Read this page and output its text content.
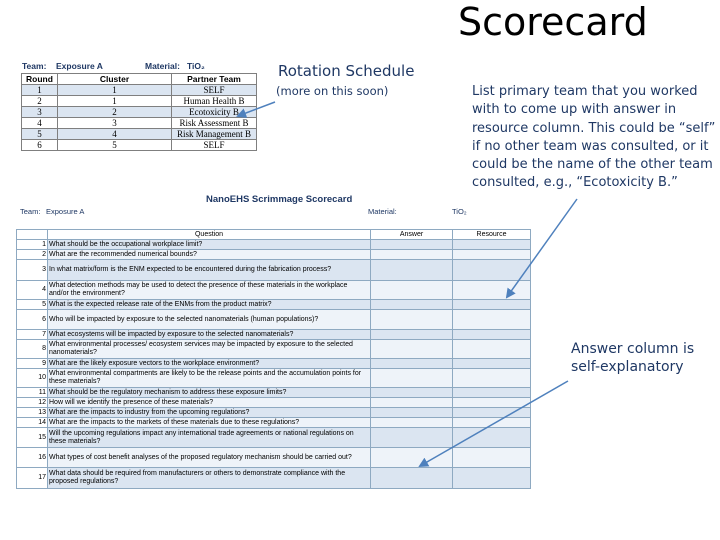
Scorecard
Team: Exposure A	Material: TiO₂
Round	Cluster	Partner Team
1	1	SELF
2	1	Human Health B
3	2	Ecotoxicity B
4	3	Risk Assessment B
5	4	Risk Management B
6	5	SELF
Rotation Schedule
(more on this soon)	List primary team that you worked with to come up with answer in resource column. This could be “self” if no other team was consulted, or it could be the name of the other team consulted, e.g., “Ecotoxicity B.”
Answer column is self-explanatory
NanoEHS Scrimmage Scorecard
Team: Exposure A	Material:	TiO₂
	Question	Answer	Resource
1	What should be the occupational workplace limit?		
2	What are the recommended numerical bounds?		
3	In what matrix/form is the ENM expected to be encountered during the fabrication process?		
4	What detection methods may be used to detect the presence of these materials in the workplace and/or the environment?		
5	What is the expected release rate of the ENMs from the product matrix?		
6	Who will be impacted by exposure to the selected nanomaterials (human populations)?		
7	What ecosystems will be impacted by exposure to the selected nanomaterials?		
8	What environmental processes/ ecosystem services may be impacted by exposure to the selected nanomaterials?		
9	What are the likely exposure vectors to the workplace environment?		
10	What environmental compartments are likely to be the release points and the accumulation points for these materials?		
11	What should be the regulatory mechanism to address these exposure limits?		
12	How will we identify the presence of these materials?		
13	What are the impacts to industry from the upcoming regulations?		
14	What are the impacts to the markets of these materials due to these regulations?		
15	Will the upcoming regulations impact any international trade agreements or national regulations on these materials?		
16	What types of cost benefit analyses of the proposed regulatory mechanism should be carried out?		
17	What data should be required from manufacturers or others to demonstrate compliance with the proposed regulations?		
